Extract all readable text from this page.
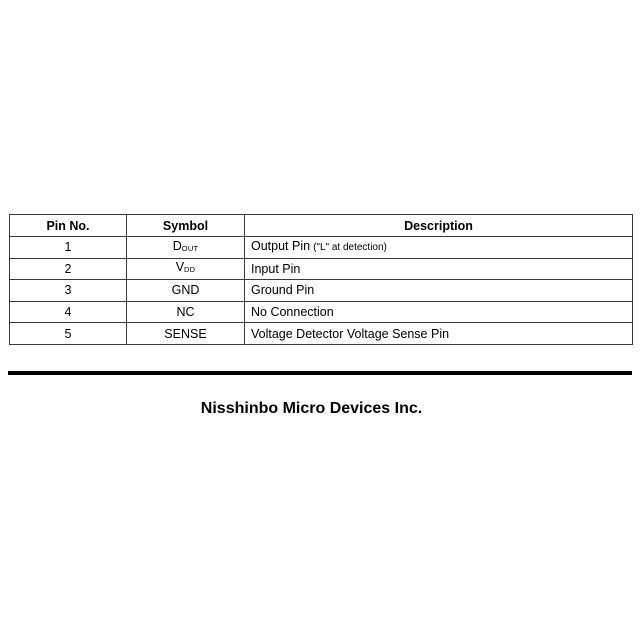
Pin No.	Symbol	Description
1	DOUT	Output Pin ("L" at detection)
2	VDD	Input Pin
3	GND	Ground Pin
4	NC	No Connection
5	SENSE	Voltage Detector Voltage Sense Pin
Nisshinbo Micro Devices Inc.
